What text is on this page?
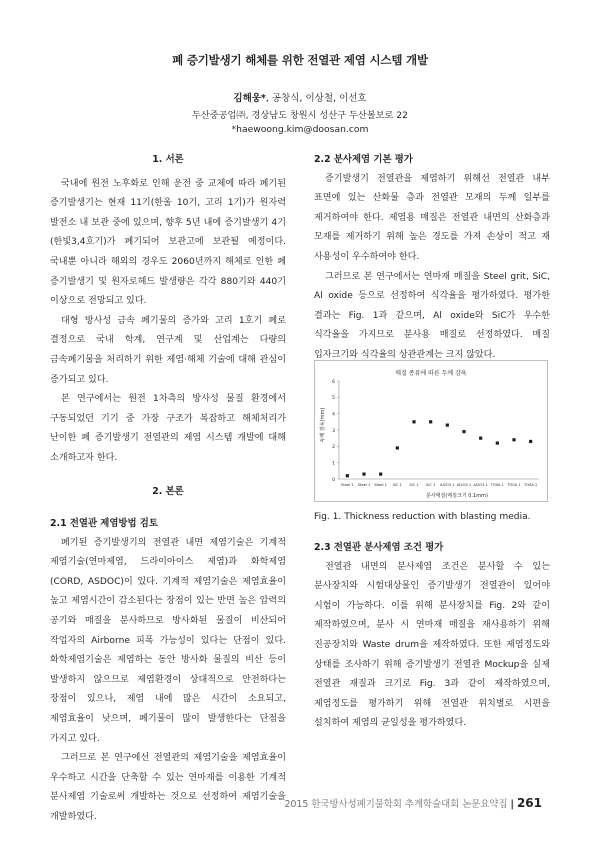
폐 증기발생기 해체를 위한 전열관 제염 시스템 개발
김해웅*, 공창식, 이상철, 이선호
두산중공업㈜, 경상남도 창원시 성산구 두산볼보로 22
*haewoong.kim@doosan.com
1. 서론

국내에 원전 노후화로 인해 운전 중 교체에 따라 폐기된 증기발생기는 현재 11기(한울 10기, 고리 1기)가 원자력 발전소 내 보관 중에 있으며, 향후 5년 내에 증기발생기 4기(한빛3,4호기)가 폐기되어 보관고에 보관될 예정이다. 국내뿐 아니라 해외의 경우도 2060년까지 해체로 인한 폐 증기발생기 및 원자로헤드 발생량은 각각 880기와 440기 이상으로 전망되고 있다.

대형 방사성 금속 폐기물의 증가와 고리 1호기 폐로 결정으로 국내 학계, 연구계 및 산업계는 다량의 금속폐기물을 처리하기 위한 제염·해체 기술에 대해 관심이 증가되고 있다.

본 연구에서는 원전 1차측의 방사성 물질 환경에서 구동되었던 기기 중 가장 구조가 복잡하고 해체처리가 난이한 폐 증기발생기 전열관의 제염 시스템 개발에 대해 소개하고자 한다.

2. 본론
2.1 전열관 제염방법 검토

폐기된 증기발생기의 전열관 내면 제염기술은 기계적 제염기술(연마제염, 드라이아이스 제염)과 화학제염(CORD, ASDOC)이 있다. 기계적 제염기술은 제염효율이 높고 제염시간이 감소된다는 장점이 있는 반면 높은 압력의 공기와 매질을 분사하므로 방사화된 물질이 비산되어 작업자의 Airborne 피폭 가능성이 있다는 단점이 있다. 화학제염기술은 제염하는 동안 방사화 물질의 비산 등이 발생하지 않으므로 제염환경이 상대적으로 안전하다는 장점이 있으나, 제염 내에 많은 시간이 소요되고, 제염효율이 낮으며, 폐기물이 많이 발생한다는 단점을 가지고 있다.

그러므로 본 연구에선 전열관의 제염기술을 제염효율이 우수하고 시간을 단축할 수 있는 연마재를 이용한 기계적 분사제염 기술로써 개발하는 것으로 선정하여 제염기술을 개발하였다.

2.2 분사제염 기본 평가

증기발생기 전열관을 제염하기 위해선 전열관 내부 표면에 있는 산화물 층과 전열관 모재의 두께 일부를 제거하여야 한다. 제염용 매질은 전열관 내면의 산화층과 모재를 제거하기 위해 높은 경도를 가져 손상이 적고 재 사용성이 우수하여야 한다.

그러므로 본 연구에서는 연마재 매질을 Steel grit, SiC, Al oxide 등으로 선정하여 식각율을 평가하였다. 평가한 결과는 Fig. 1과 같으며, Al oxide와 SiC가 우수한 식각율을 가지므로 분사용 매질로 선정하였다. 매질 입자크기와 식각율의 상관관계는 크지 않았다.

매질 종류에 따른 두께 감육
두께 감육(mm)
분사매질(매질크기 0.1mm)
0
1
2
3
4
5
6
Steel 1 Steel 1 Steel 1 SiC 1 SiC 1 SiC 1 Al2O3 1 Al2O3 1 Al2O3 1 TOSA 1 TOSA 1 TOSA 2
Fig. 1. Thickness reduction with blasting media.
2.3 전열관 분사제염 조건 평가

전열관 내면의 분사제염 조건은 분사할 수 있는 분사장치와 시험대상물인 증기발생기 전열관이 있어야 시험이 가능하다. 이를 위해 분사장치를 Fig. 2와 같이 제작하였으며, 분사 시 연마재 매질을 재사용하기 위해 진공장치와 Waste drum을 제작하였다. 또한 제염정도와 상태를 조사하기 위해 증기발생기 전열관 Mockup을 실제 전열관 재질과 크기로 Fig. 3과 같이 제작하였으며, 제염정도를 평가하기 위해 전열관 위치별로 시편을 설치하여 제염의 균일성을 평가하였다.

2015 한국방사성폐기물학회 추계학술대회 논문요약집 | 261
